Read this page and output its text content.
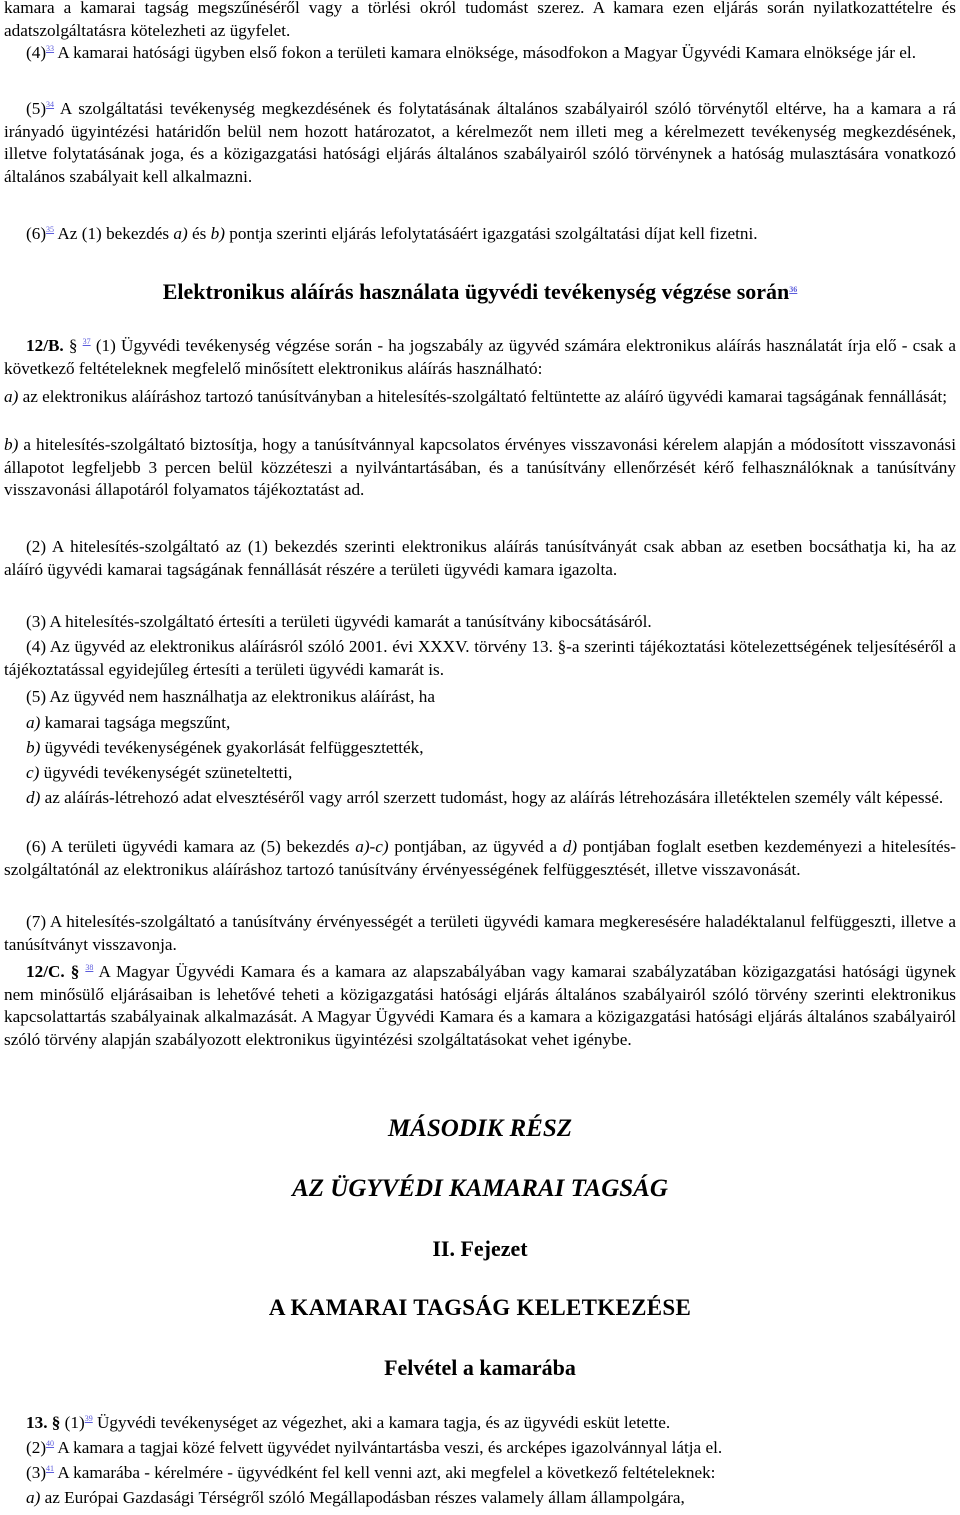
kamara a kamarai tagság megszűnéséről vagy a törlési okról tudomást szerez. A kamara ezen eljárás során nyilatkozattételre és adatszolgáltatásra kötelezheti az ügyfelet.

$(4)^{33}$ A kamarai hatósági ügyben első fokon a területi kamara elnöksége, másodfokon a Magyar Ügyvédi Kamara elnöksége jár el.

$(5)^{34}$ A szolgáltatási tevékenység megkezdésének és folytatásának általános szabályairól szóló törvénytől eltérve, ha a kamara a rá irányadó ügyintézési határidőn belül nem hozott határozatot, a kérelmezőt nem illeti meg a kérelmezett tevékenység megkezdésének, illetve folytatásának joga, és a közigazgatási hatósági eljárás általános szabályairól szóló törvénynek a hatóság mulasztására vonatkozó általános szabályait kell alkalmazni.

$(6)^{35}$ Az (1) bekezdés a) és b) pontja szerinti eljárás lefolytatásáért igazgatási szolgáltatási díjat kell fizetni.

Elektronikus aláírás használata ügyvédi tevékenység végzése során$^{36}$

12/B. § $^{37}$ (1) Ügyvédi tevékenység végzése során - ha jogszabály az ügyvéd számára elektronikus aláírás használatát írja elő - csak a következő feltételeknek megfelelő minősített elektronikus aláírás használható:

a) az elektronikus aláíráshoz tartozó tanúsítványban a hitelesítés-szolgáltató feltüntette az aláíró ügyvédi kamarai tagságának fennállását;

b) a hitelesítés-szolgáltató biztosítja, hogy a tanúsítvánnyal kapcsolatos érvényes visszavonási kérelem alapján a módosított visszavonási állapotot legfeljebb 3 percen belül közzéteszi a nyilvántartásában, és a tanúsítvány ellenőrzését kérő felhasználóknak a tanúsítvány visszavonási állapotáról folyamatos tájékoztatást ad.

(2) A hitelesítés-szolgáltató az (1) bekezdés szerinti elektronikus aláírás tanúsítványát csak abban az esetben bocsáthatja ki, ha az aláíró ügyvédi kamarai tagságának fennállását részére a területi ügyvédi kamara igazolta.

(3) A hitelesítés-szolgáltató értesíti a területi ügyvédi kamarát a tanúsítvány kibocsátásáról.

(4) Az ügyvéd az elektronikus aláírásról szóló 2001. évi XXXV. törvény 13. §-a szerinti tájékoztatási kötelezettségének teljesítéséről a tájékoztatással egyidejűleg értesíti a területi ügyvédi kamarát is.

(5) Az ügyvéd nem használhatja az elektronikus aláírást, ha

a) kamarai tagsága megszűnt,

b) ügyvédi tevékenységének gyakorlását felfüggesztették,

c) ügyvédi tevékenységét szüneteltetti,

d) az aláírás-létrehozó adat elvesztéséről vagy arról szerzett tudomást, hogy az aláírás létrehozására illetéktelen személy vált képessé.

(6) A területi ügyvédi kamara az (5) bekezdés a)-c) pontjában, az ügyvéd a d) pontjában foglalt esetben kezdeményezi a hitelesítés-szolgáltatónál az elektronikus aláíráshoz tartozó tanúsítvány érvényességének felfüggesztését, illetve visszavonását.

(7) A hitelesítés-szolgáltató a tanúsítvány érvényességét a területi ügyvédi kamara megkeresésére haladéktalanul felfüggeszti, illetve a tanúsítványt visszavonja.

12/C. § $^{38}$ A Magyar Ügyvédi Kamara és a kamara az alapszabályában vagy kamarai szabályzatában közigazgatási hatósági ügynek nem minősülő eljárásaiban is lehetővé teheti a közigazgatási hatósági eljárás általános szabályairól szóló törvény szerinti elektronikus kapcsolattartás szabályainak alkalmazását. A Magyar Ügyvédi Kamara és a kamara a közigazgatási hatósági eljárás általános szabályairól szóló törvény alapján szabályozott elektronikus ügyintézési szolgáltatásokat vehet igénybe.

MÁSODIK RÉSZ
AZ ÜGYVÉDI KAMARAI TAGSÁG
II. Fejezet
A KAMARAI TAGSÁG KELETKEZÉSE
Felvétel a kamarába

13. § $(1)^{39}$ Ügyvédi tevékenységet az végezhet, aki a kamara tagja, és az ügyvédi esküt letette.

$(2)^{40}$ A kamara a tagjai közé felvett ügyvédet nyilvántartásba veszi, és arcképes igazolvánnyal látja el.

$(3)^{41}$ A kamarába - kérelmére - ügyvédként fel kell venni azt, aki megfelel a következő feltételeknek:

a) az Európai Gazdasági Térségről szóló Megállapodásban részes valamely állam állampolgára,
